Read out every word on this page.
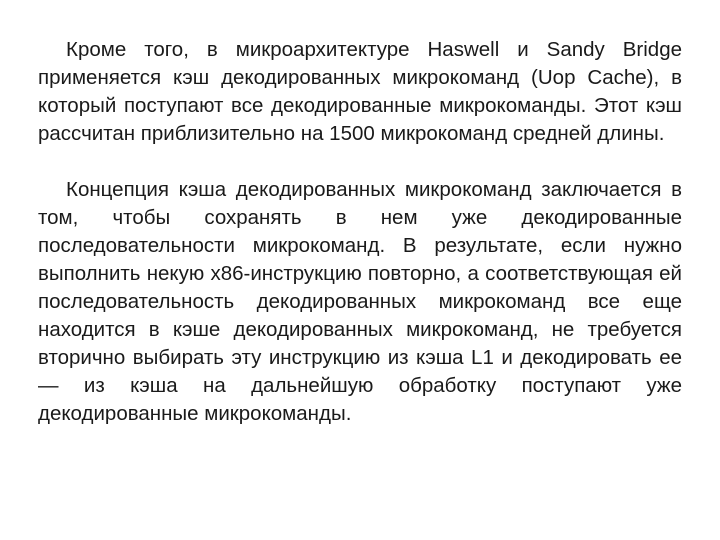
Кроме того, в микроархитектуре Haswell и Sandy Bridge применяется кэш декодированных микрокоманд (Uop Cache), в который поступают все декодированные микрокоманды. Этот кэш рассчитан приблизительно на 1500 микрокоманд средней длины.

Концепция кэша декодированных микрокоманд заключается в том, чтобы сохранять в нем уже декодированные последовательности микрокоманд. В результате, если нужно выполнить некую x86-инструкцию повторно, а соответствующая ей последовательность декодированных микрокоманд все еще находится в кэше декодированных микрокоманд, не требуется вторично выбирать эту инструкцию из кэша L1 и декодировать ее — из кэша на дальнейшую обработку поступают уже декодированные микрокоманды.
